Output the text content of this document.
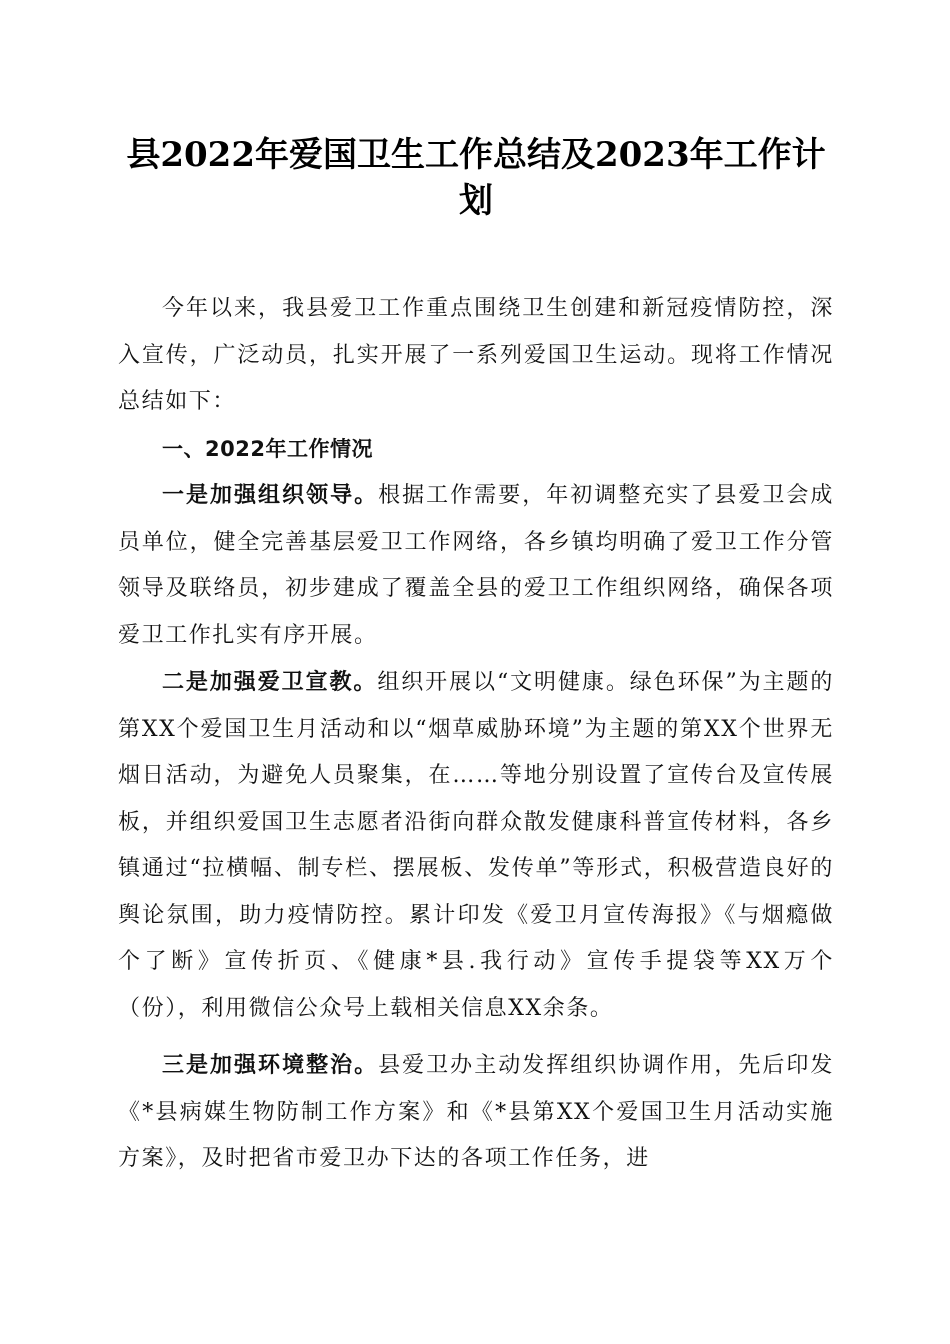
县2022年爱国卫生工作总结及2023年工作计划

今年以来，我县爱卫工作重点围绕卫生创建和新冠疫情防控，深入宣传，广泛动员，扎实开展了一系列爱国卫生运动。现将工作情况总结如下：

一、2022年工作情况

一是加强组织领导。根据工作需要，年初调整充实了县爱卫会成员单位，健全完善基层爱卫工作网络，各乡镇均明确了爱卫工作分管领导及联络员，初步建成了覆盖全县的爱卫工作组织网络，确保各项爱卫工作扎实有序开展。

二是加强爱卫宣教。组织开展以“文明健康。绿色环保”为主题的第XX个爱国卫生月活动和以“烟草威胁环境”为主题的第XX个世界无烟日活动，为避免人员聚集，在……等地分别设置了宣传台及宣传展板，并组织爱国卫生志愿者沿街向群众散发健康科普宣传材料，各乡镇通过“拉横幅、制专栏、摆展板、发传单”等形式，积极营造良好的舆论氛围，助力疫情防控。累计印发《爱卫月宣传海报》《与烟瘾做个了断》宣传折页、《健康*县.我行动》宣传手提袋等XX万个（份），利用微信公众号上载相关信息XX余条。

三是加强环境整治。县爱卫办主动发挥组织协调作用，先后印发《*县病媒生物防制工作方案》和《*县第XX个爱国卫生月活动实施方案》，及时把省市爱卫办下达的各项工作任务，进
